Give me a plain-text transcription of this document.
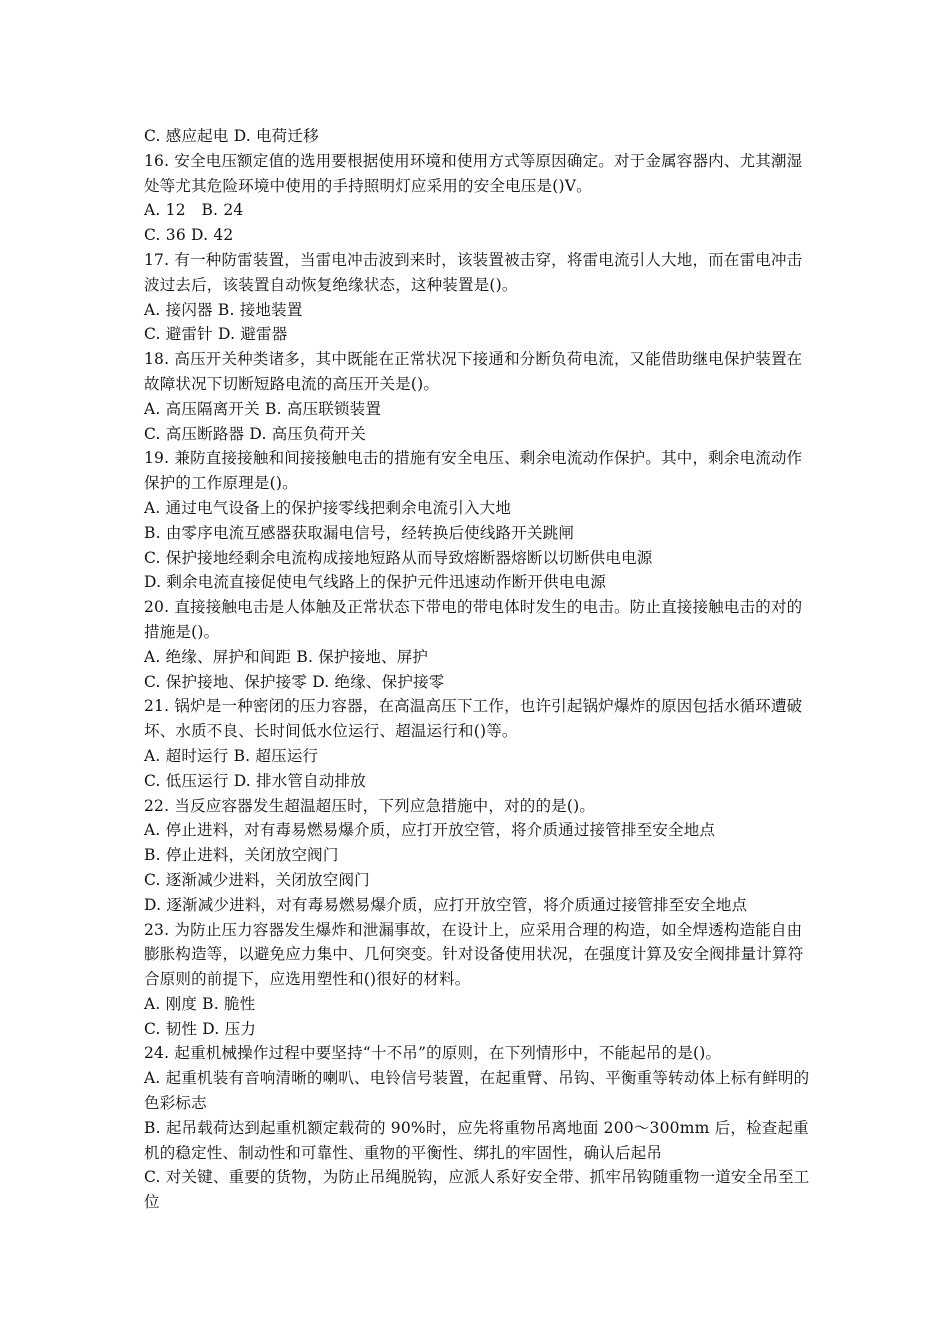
C. 感应起电 D. 电荷迁移

16. 安全电压额定值的选用要根据使用环境和使用方式等原因确定。对于金属容器内、尤其潮湿处等尤其危险环境中使用的手持照明灯应采用的安全电压是()V。

A. 12　B. 24

C. 36 D. 42

17. 有一种防雷装置，当雷电冲击波到来时，该装置被击穿，将雷电流引人大地，而在雷电冲击波过去后，该装置自动恢复绝缘状态，这种装置是()。

A. 接闪器 B. 接地装置

C. 避雷针 D. 避雷器

18. 高压开关种类诸多，其中既能在正常状况下接通和分断负荷电流，又能借助继电保护装置在故障状况下切断短路电流的高压开关是()。

A. 高压隔离开关 B. 高压联锁装置

C. 高压断路器 D. 高压负荷开关

19. 兼防直接接触和间接接触电击的措施有安全电压、剩余电流动作保护。其中，剩余电流动作保护的工作原理是()。

A. 通过电气设备上的保护接零线把剩余电流引入大地

B. 由零序电流互感器获取漏电信号，经转换后使线路开关跳闸

C. 保护接地经剩余电流构成接地短路从而导致熔断器熔断以切断供电电源

D. 剩余电流直接促使电气线路上的保护元件迅速动作断开供电电源

20. 直接接触电击是人体触及正常状态下带电的带电体时发生的电击。防止直接接触电击的对的措施是()。

A. 绝缘、屏护和间距 B. 保护接地、屏护

C. 保护接地、保护接零 D. 绝缘、保护接零

21. 锅炉是一种密闭的压力容器，在高温高压下工作，也许引起锅炉爆炸的原因包括水循环遭破坏、水质不良、长时间低水位运行、超温运行和()等。

A. 超时运行 B. 超压运行

C. 低压运行 D. 排水管自动排放

22. 当反应容器发生超温超压时，下列应急措施中，对的的是()。

A. 停止进料，对有毒易燃易爆介质，应打开放空管，将介质通过接管排至安全地点

B. 停止进料，关闭放空阀门

C. 逐渐减少进料，关闭放空阀门

D. 逐渐减少进料，对有毒易燃易爆介质，应打开放空管，将介质通过接管排至安全地点

23. 为防止压力容器发生爆炸和泄漏事故，在设计上，应采用合理的构造，如全焊透构造能自由膨胀构造等，以避免应力集中、几何突变。针对设备使用状况，在强度计算及安全阀排量计算符合原则的前提下，应选用塑性和()很好的材料。

A. 刚度 B. 脆性

C. 韧性 D. 压力

24. 起重机械操作过程中要坚持“十不吊”的原则，在下列情形中，不能起吊的是()。

A. 起重机装有音响清晰的喇叭、电铃信号装置，在起重臂、吊钩、平衡重等转动体上标有鲜明的色彩标志

B. 起吊载荷达到起重机额定载荷的 90%时，应先将重物吊离地面 200～300mm 后，检查起重机的稳定性、制动性和可靠性、重物的平衡性、绑扎的牢固性，确认后起吊

C. 对关键、重要的货物，为防止吊绳脱钩，应派人系好安全带、抓牢吊钩随重物一道安全吊至工位
